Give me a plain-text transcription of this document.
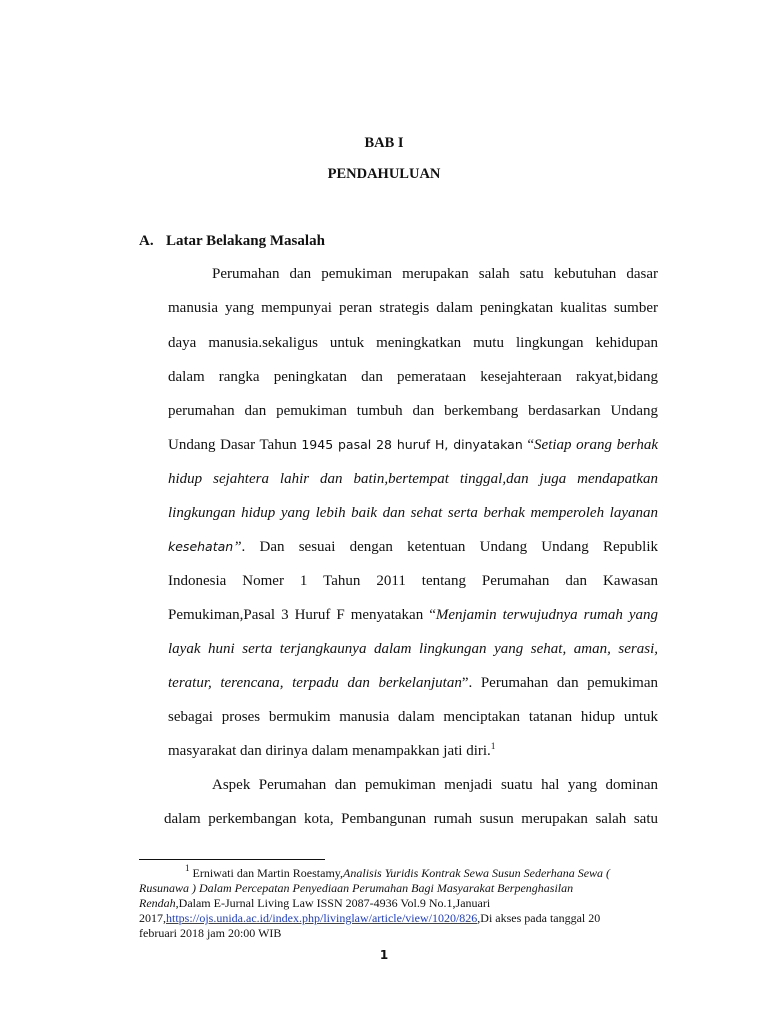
BAB I
PENDAHULUAN
A. Latar Belakang Masalah
Perumahan dan pemukiman merupakan salah satu kebutuhan dasar
manusia yang mempunyai peran strategis dalam peningkatan kualitas sumber
daya manusia.sekaligus untuk meningkatkan mutu lingkungan kehidupan
dalam rangka peningkatan dan pemerataan kesejahteraan rakyat,bidang
perumahan dan pemukiman tumbuh dan berkembang berdasarkan Undang
Undang Dasar Tahun 1945 pasal 28 huruf H, dinyatakan “Setiap orang berhak
hidup sejahtera lahir dan batin,bertempat tinggal,dan juga mendapatkan
lingkungan hidup yang lebih baik dan sehat serta berhak memperoleh layanan
kesehatan”. Dan sesuai dengan ketentuan Undang Undang Republik
Indonesia Nomer 1 Tahun 2011 tentang Perumahan dan Kawasan
Pemukiman,Pasal 3 Huruf F menyatakan “Menjamin terwujudnya rumah yang
layak huni serta terjangkaunya dalam lingkungan yang sehat, aman, serasi,
teratur, terencana, terpadu dan berkelanjutan”. Perumahan dan pemukiman
sebagai proses bermukim manusia dalam menciptakan tatanan hidup untuk
masyarakat dan dirinya dalam menampakkan jati diri.$^1$
Aspek Perumahan dan pemukiman menjadi suatu hal yang dominan
dalam perkembangan kota, Pembangunan rumah susun merupakan salah satu
$^1$ Erniwati dan Martin Roestamy,Analisis Yuridis Kontrak Sewa Susun Sederhana Sewa (
Rusunawa ) Dalam Percepatan Penyediaan Perumahan Bagi Masyarakat Berpenghasilan
Rendah,Dalam E-Jurnal Living Law ISSN 2087-4936 Vol.9 No.1,Januari
2017,https://ojs.unida.ac.id/index.php/livinglaw/article/view/1020/826,Di akses pada tanggal 20
februari 2018 jam 20:00 WIB
1
